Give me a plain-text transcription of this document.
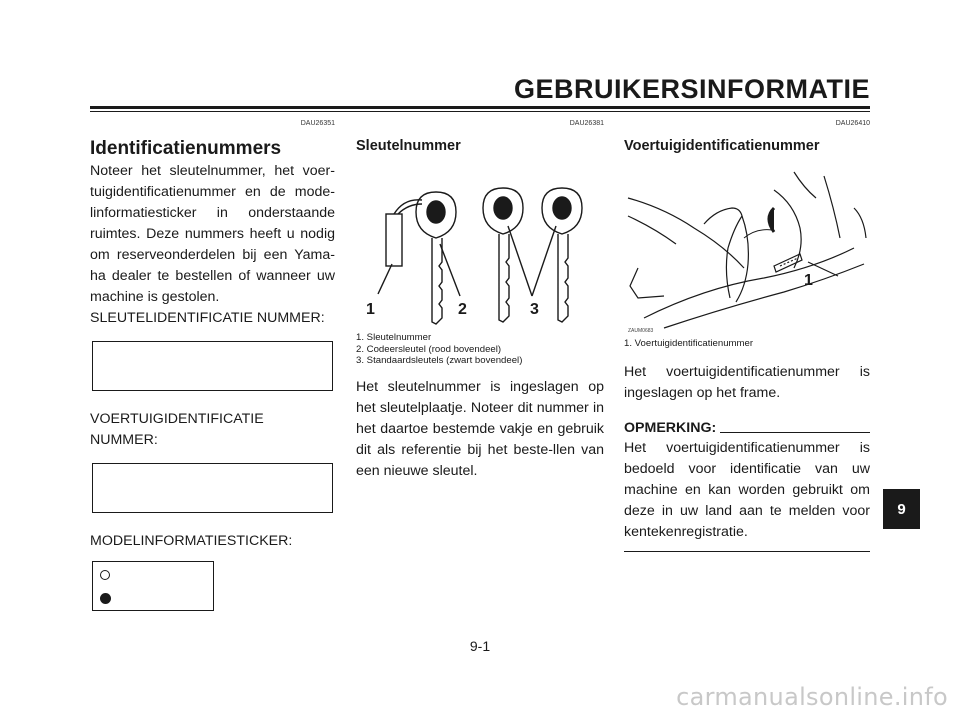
GEBRUIKERSINFORMATIE
DAU26351
Identificatienummers

Noteer het sleutelnummer, het voer-tuigidentificatienummer en de mode-linformatiesticker in onderstaande ruimtes. Deze nummers heeft u nodig om reserveonderdelen bij een Yama-ha dealer te bestellen of wanneer uw machine is gestolen.

SLEUTELIDENTIFICATIE NUMMER:

VOERTUIGIDENTIFICATIE NUMMER:

MODELINFORMATIESTICKER:

DAU26381
Sleutelnummer
1	2	3

1. Sleutelnummer

2. Codeersleutel (rood bovendeel)

3. Standaardsleutels (zwart bovendeel)

Het sleutelnummer is ingeslagen op het sleutelplaatje. Noteer dit nummer in het daartoe bestemde vakje en gebruik dit als referentie bij het beste-llen van een nieuwe sleutel.

DAU26410
Voertuigidentificatienummer
1
ZAUM0683

1. Voertuigidentificatienummer

Het voertuigidentificatienummer is ingeslagen op het frame.

OPMERKING:

Het voertuigidentificatienummer is bedoeld voor identificatie van uw machine en kan worden gebruikt om deze in uw land aan te melden voor kentekenregistratie.

9
9-1
carmanualsonline.info
